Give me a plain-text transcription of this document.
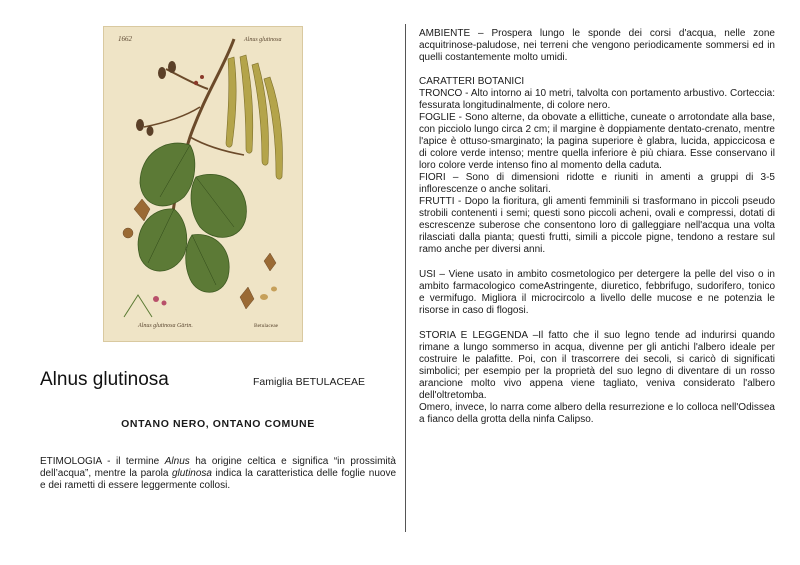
1662	Alnus glutinosa
Alnus glutinosa Gärtn.	Betulaceae
Alnus glutinosa	Famiglia BETULACEAE
ONTANO NERO, ONTANO COMUNE
ETIMOLOGIA - il termine Alnus ha origine celtica e significa “in prossimità dell’acqua”, mentre la parola glutinosa indica la caratteristica delle foglie nuove e dei rametti di essere leggermente collosi.

AMBIENTE – Prospera lungo le sponde dei corsi d'acqua, nelle zone acquitrinose-paludose, nei terreni che vengono periodicamente sommersi ed in quelli costantemente molto umidi.

CARATTERI BOTANICI

TRONCO - Alto intorno ai 10 metri, talvolta con portamento arbustivo. Corteccia: fessurata longitudinalmente, di colore nero.

FOGLIE - Sono alterne, da obovate a ellittiche, cuneate o arrotondate alla base, con picciolo lungo circa 2 cm; il margine è doppiamente dentato-crenato, mentre l'apice è ottuso-smarginato; la pagina superiore è glabra, lucida, appiccicosa e di colore verde intenso; mentre quella inferiore è più chiara. Esse conservano il loro colore verde intenso fino al momento della caduta.

FIORI – Sono di dimensioni ridotte e riuniti in amenti a gruppi di 3-5 inflorescenze o anche solitari.

FRUTTI - Dopo la fioritura, gli amenti femminili si trasformano in piccoli pseudo strobili contenenti i semi; questi sono piccoli acheni, ovali e compressi, dotati di escrescenze suberose che consentono loro di galleggiare nell'acqua una volta rilasciati dalla pianta; questi frutti, simili a piccole pigne, tendono a restare sul ramo anche per diversi anni.

USI – Viene usato in ambito cosmetologico per detergere la pelle del viso o in ambito farmacologico comeAstringente, diuretico, febbrifugo, sudorifero, tonico e vermifugo. Migliora il microcircolo a livello delle mucose e ne potenzia le risorse in caso di flogosi.

STORIA E LEGGENDA –Il fatto che il suo legno tende ad indurirsi quando rimane a lungo sommerso in acqua, divenne per gli antichi l'albero ideale per costruire le palafitte. Poi, con il trascorrere dei secoli, si caricò di significati simbolici; per esempio per la proprietà del suo legno di diventare di un rosso arancione molto vivo appena viene tagliato, veniva considerato l'albero dell'oltretomba.

Omero, invece, lo narra come albero della resurrezione e lo colloca nell'Odissea a fianco della grotta della ninfa Calipso.
